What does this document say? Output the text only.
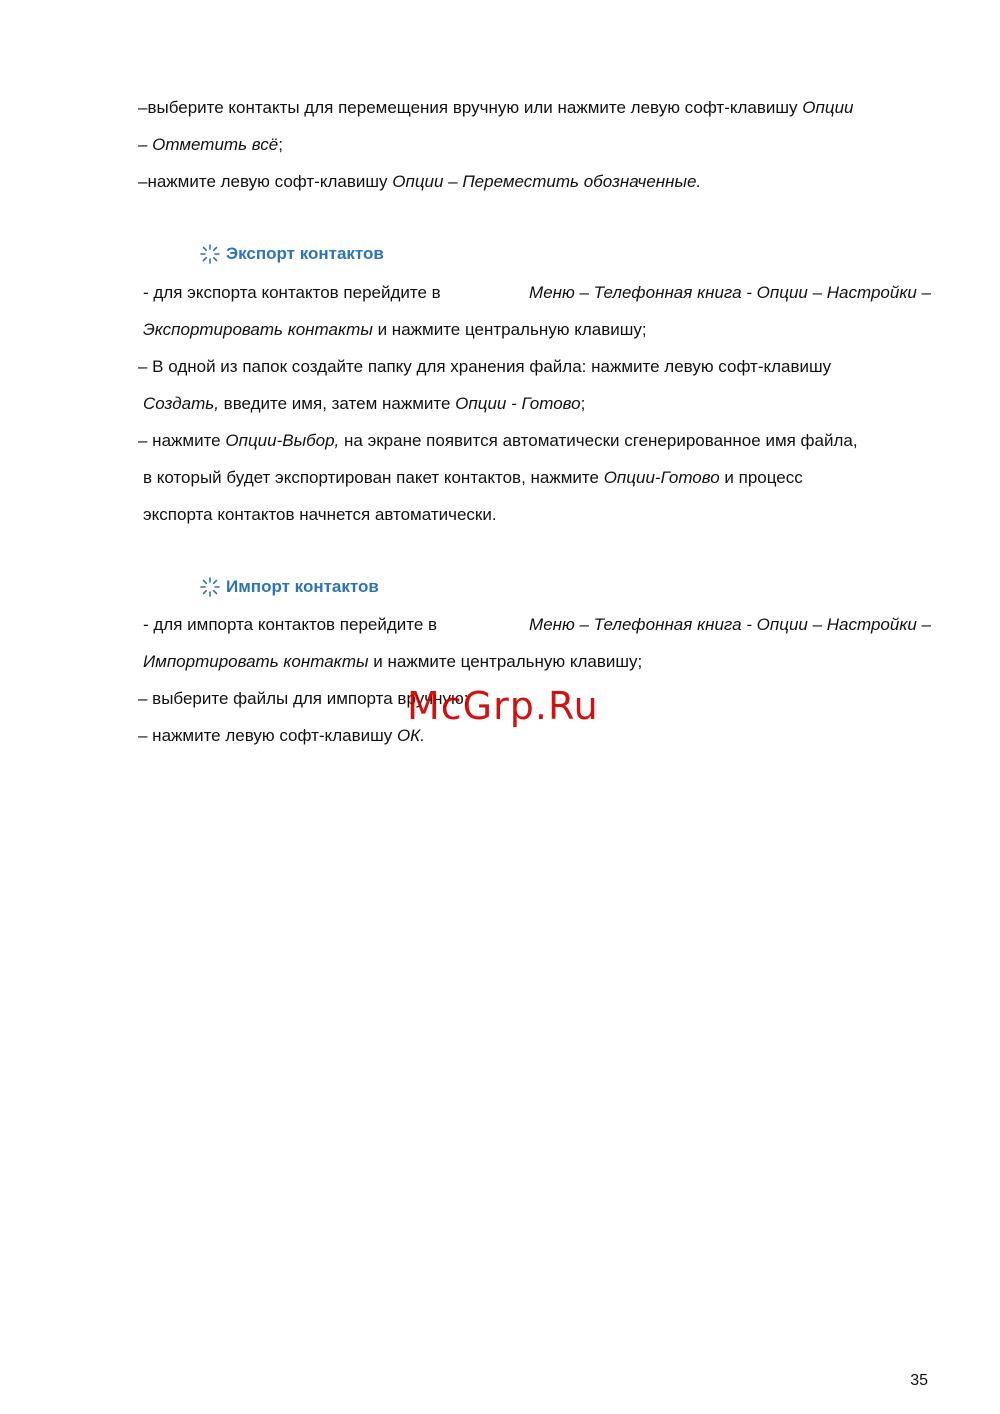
–выберите контакты для перемещения вручную или нажмите левую софт-клавишу Опции
– Отметить всё;
–нажмите левую софт-клавишу Опции – Переместить обозначенные.
Экспорт контактов
- для экспорта контактов перейдите в	Меню – Телефонная книга - Опции – Настройки –
Экспортировать контакты и нажмите центральную клавишу;
– В одной из папок создайте папку для хранения файла: нажмите левую софт-клавишу
Создать, введите имя, затем нажмите Опции - Готово;
– нажмите Опции-Выбор, на экране появится автоматически сгенерированное имя файла,
в который будет экспортирован пакет контактов, нажмите Опции-Готово и процесс
экспорта контактов начнется автоматически.
Импорт контактов
- для импорта контактов перейдите в	Меню – Телефонная книга - Опции – Настройки –
Импортировать контакты и нажмите центральную клавишу;
– выберите файлы для импорта вручную;
– нажмите левую софт-клавишу ОК.
McGrp.Ru
35
